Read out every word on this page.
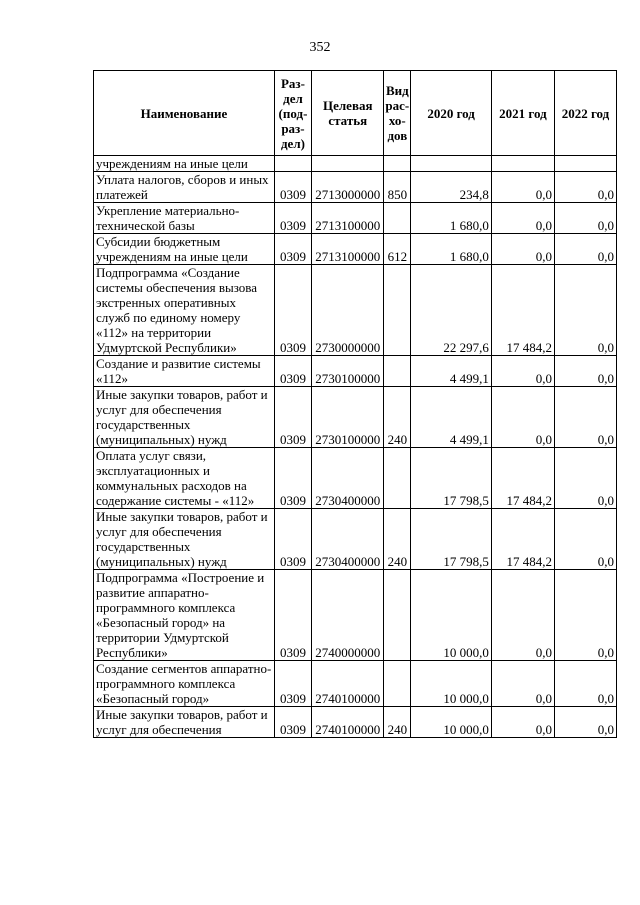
352
Наименование	Раз-дел (под-раз-дел)	Целевая статья	Вид рас-хо-дов	2020 год	2021 год	2022 год
учреждениям на иные цели						
Уплата налогов, сборов и иных платежей	0309	2713000000	850	234,8	0,0	0,0
Укрепление материально-технической базы	0309	2713100000		1 680,0	0,0	0,0
Субсидии бюджетным учреждениям на иные цели	0309	2713100000	612	1 680,0	0,0	0,0
Подпрограмма «Создание системы обеспечения вызова экстренных оперативных служб по единому номеру «112» на территории Удмуртской Республики»	0309	2730000000		22 297,6	17 484,2	0,0
Создание и развитие системы «112»	0309	2730100000		4 499,1	0,0	0,0
Иные закупки товаров, работ и услуг для обеспечения государственных (муниципальных) нужд	0309	2730100000	240	4 499,1	0,0	0,0
Оплата услуг связи, эксплуатационных и коммунальных расходов на содержание системы - «112»	0309	2730400000		17 798,5	17 484,2	0,0
Иные закупки товаров, работ и услуг для обеспечения государственных (муниципальных) нужд	0309	2730400000	240	17 798,5	17 484,2	0,0
Подпрограмма «Построение и развитие аппаратно-программного комплекса «Безопасный город» на территории Удмуртской Республики»	0309	2740000000		10 000,0	0,0	0,0
Создание сегментов аппаратно-программного комплекса «Безопасный город»	0309	2740100000		10 000,0	0,0	0,0
Иные закупки товаров, работ и услуг для обеспечения	0309	2740100000	240	10 000,0	0,0	0,0
